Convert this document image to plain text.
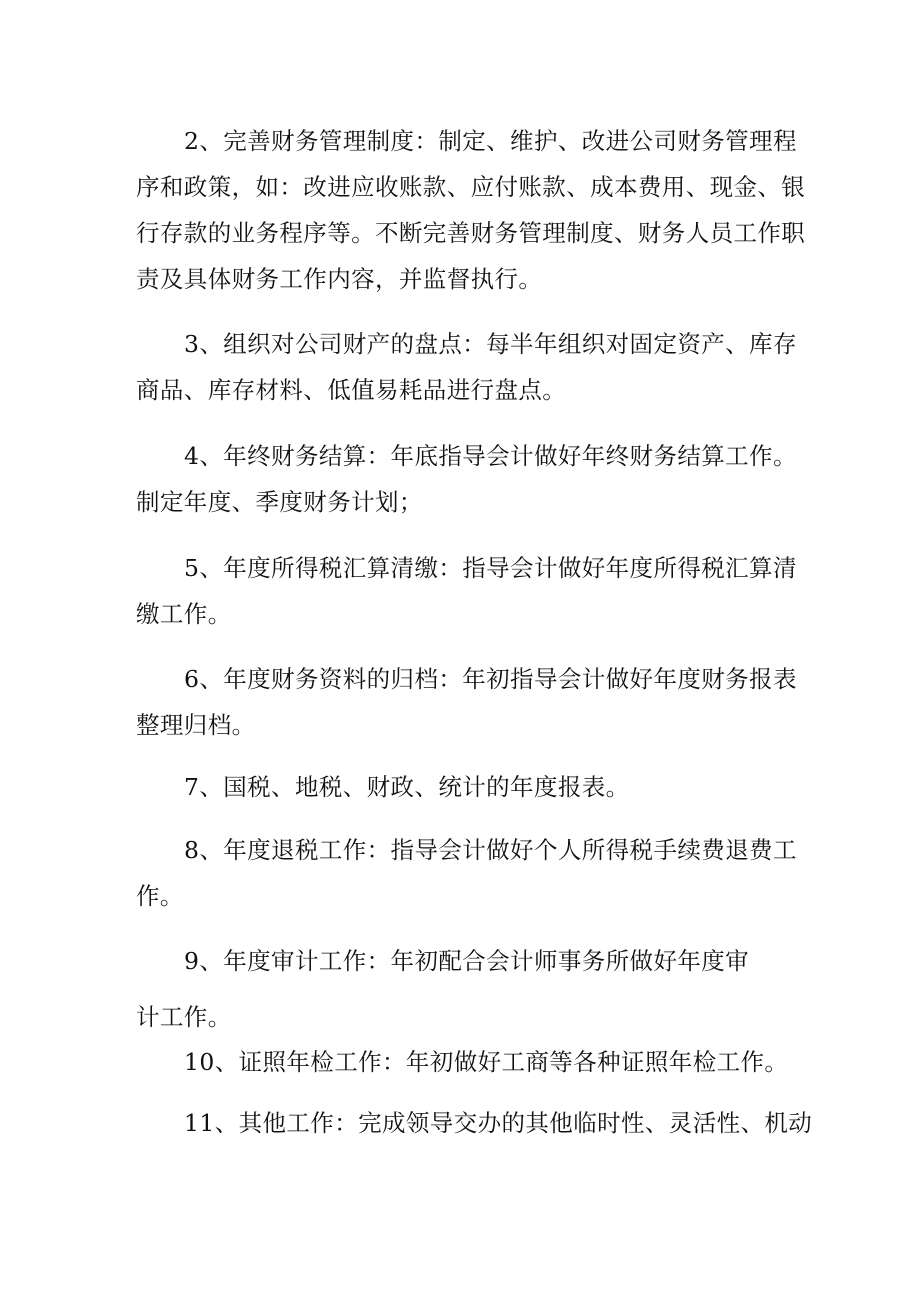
2、完善财务管理制度：制定、维护、改进公司财务管理程
序和政策，如：改进应收账款、应付账款、成本费用、现金、银
行存款的业务程序等。不断完善财务管理制度、财务人员工作职
责及具体财务工作内容，并监督执行。
3、组织对公司财产的盘点：每半年组织对固定资产、库存
商品、库存材料、低值易耗品进行盘点。
4、年终财务结算：年底指导会计做好年终财务结算工作。
制定年度、季度财务计划；
5、年度所得税汇算清缴：指导会计做好年度所得税汇算清
缴工作。
6、年度财务资料的归档：年初指导会计做好年度财务报表
整理归档。
7、国税、地税、财政、统计的年度报表。
8、年度退税工作：指导会计做好个人所得税手续费退费工
作。
9、年度审计工作：年初配合会计师事务所做好年度审
计工作。
10、证照年检工作：年初做好工商等各种证照年检工作。
11、其他工作：完成领导交办的其他临时性、灵活性、机动
